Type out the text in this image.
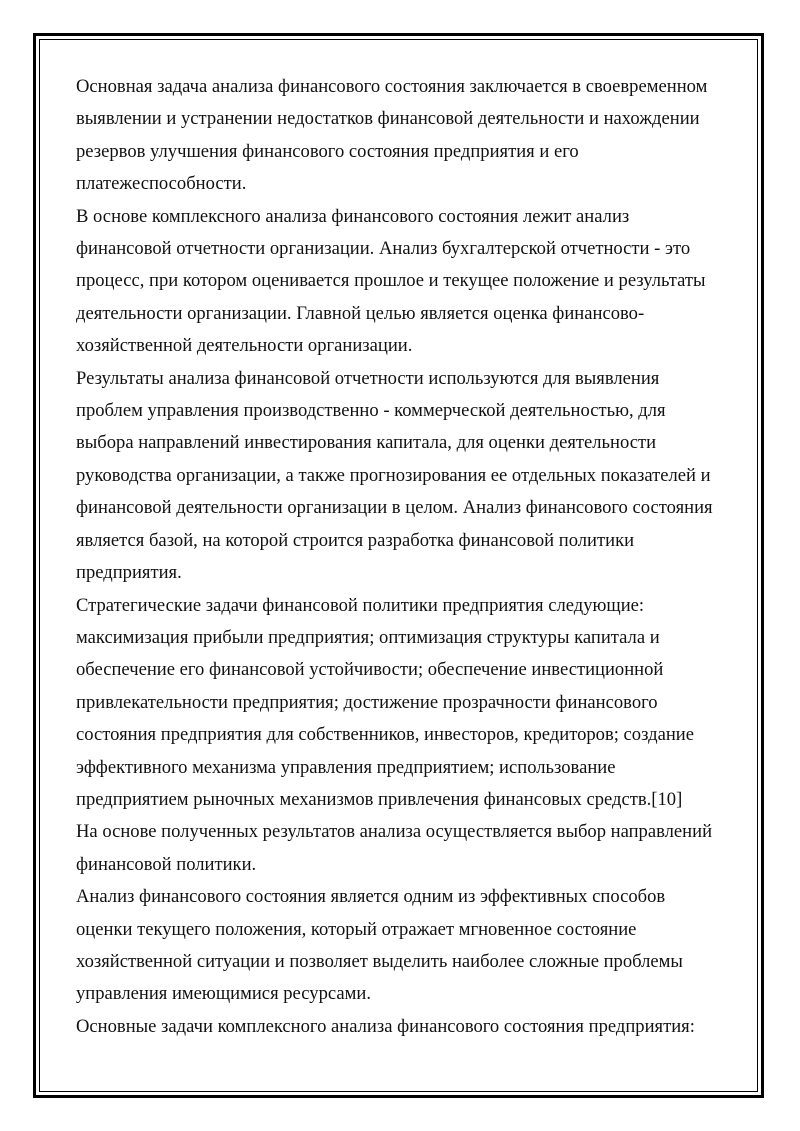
Основная задача анализа финансового состояния заключается в своевременном
выявлении и устранении недостатков финансовой деятельности и нахождении
резервов улучшения финансового состояния предприятия и его
платежеспособности.

В основе комплексного анализа финансового состояния лежит анализ
финансовой отчетности организации. Анализ бухгалтерской отчетности - это
процесс, при котором оценивается прошлое и текущее положение и результаты
деятельности организации. Главной целью является оценка финансово-
хозяйственной деятельности организации.

Результаты анализа финансовой отчетности используются для выявления
проблем управления производственно - коммерческой деятельностью, для
выбора направлений инвестирования капитала, для оценки деятельности
руководства организации, а также прогнозирования ее отдельных показателей и
финансовой деятельности организации в целом. Анализ финансового состояния
является базой, на которой строится разработка финансовой политики
предприятия.

Стратегические задачи финансовой политики предприятия следующие:
максимизация прибыли предприятия; оптимизация структуры капитала и
обеспечение его финансовой устойчивости; обеспечение инвестиционной
привлекательности предприятия; достижение прозрачности финансового
состояния предприятия для собственников, инвесторов, кредиторов; создание
эффективного механизма управления предприятием; использование
предприятием рыночных механизмов привлечения финансовых средств.[10]

На основе полученных результатов анализа осуществляется выбор направлений
финансовой политики.

Анализ финансового состояния является одним из эффективных способов
оценки текущего положения, который отражает мгновенное состояние
хозяйственной ситуации и позволяет выделить наиболее сложные проблемы
управления имеющимися ресурсами.

Основные задачи комплексного анализа финансового состояния предприятия:
